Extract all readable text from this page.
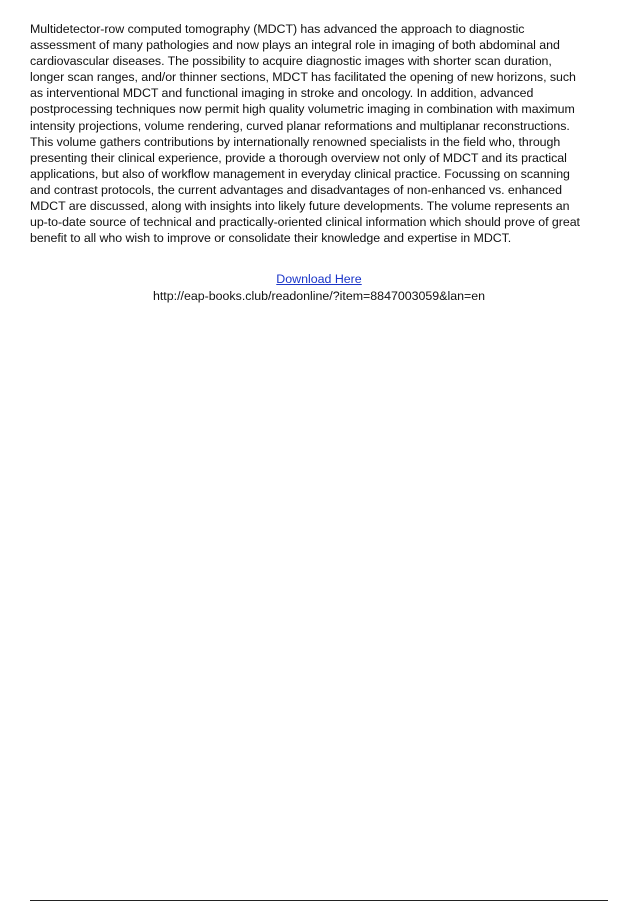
Multidetector-row computed tomography (MDCT) has advanced the approach to diagnostic
assessment of many pathologies and now plays an integral role in imaging of both abdominal and
cardiovascular diseases. The possibility to acquire diagnostic images with shorter scan duration,
longer scan ranges, and/or thinner sections, MDCT has facilitated the opening of new horizons, such
as interventional MDCT and functional imaging in stroke and oncology. In addition, advanced
postprocessing techniques now permit high quality volumetric imaging in combination with maximum
intensity projections, volume rendering, curved planar reformations and multiplanar reconstructions.
This volume gathers contributions by internationally renowned specialists in the field who, through
presenting their clinical experience, provide a thorough overview not only of MDCT and its practical
applications, but also of workflow management in everyday clinical practice. Focussing on scanning
and contrast protocols, the current advantages and disadvantages of non-enhanced vs. enhanced
MDCT are discussed, along with insights into likely future developments. The volume represents an
up-to-date source of technical and practically-oriented clinical information which should prove of great
benefit to all who wish to improve or consolidate their knowledge and expertise in MDCT.

Download Here
http://eap-books.club/readonline/?item=8847003059&lan=en
